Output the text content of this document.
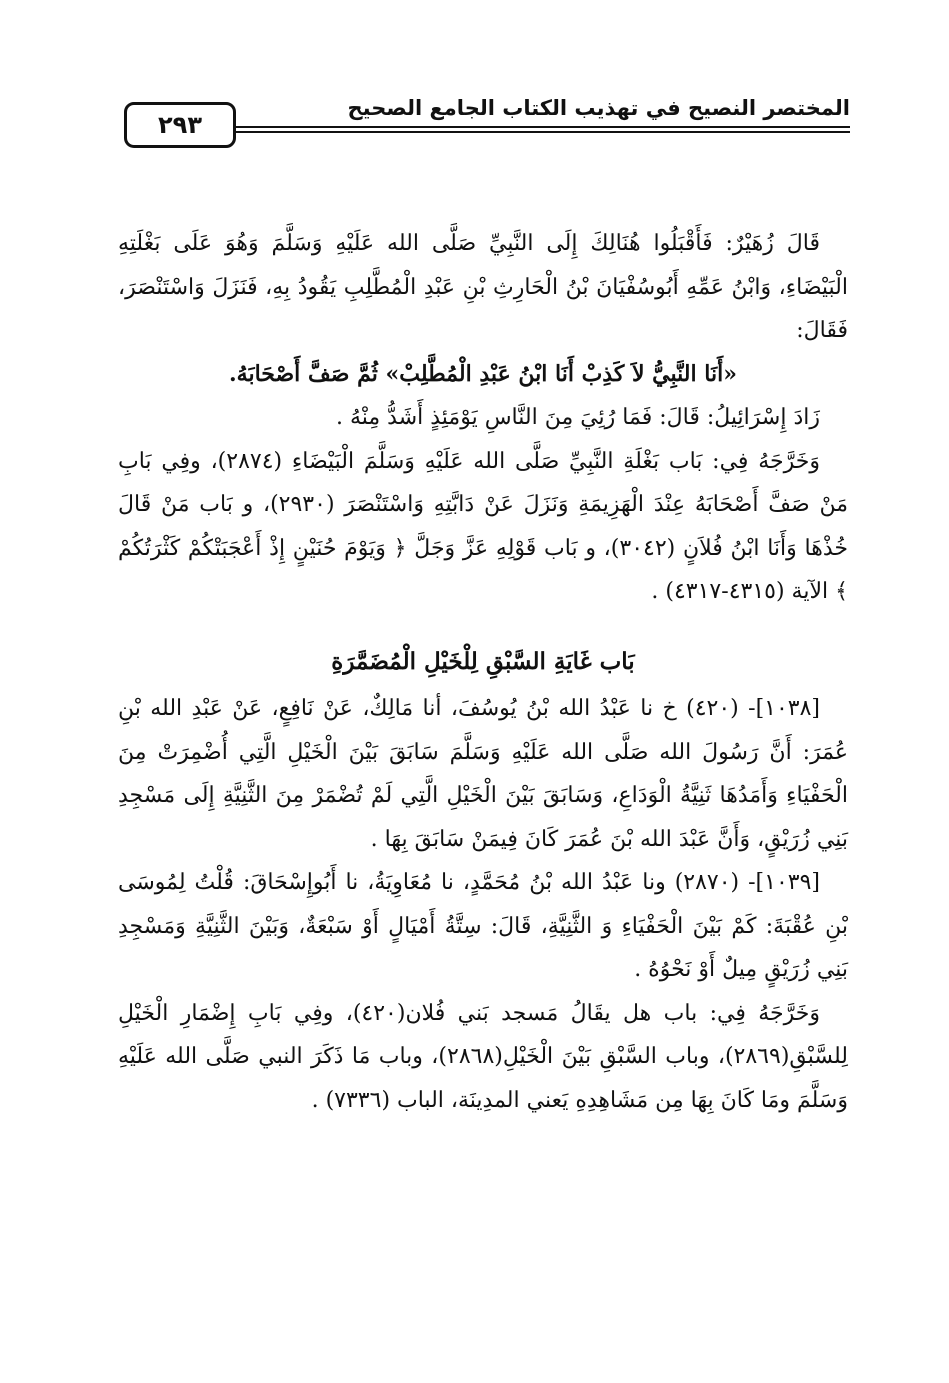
المختصر النصيح في تهذيب الكتاب الجامع الصحيح
٢٩٣

قَالَ زُهَيْرٌ: فَأَقْبَلُوا هُنَالِكَ إِلَى النَّبِيِّ صَلَّى الله عَلَيْهِ وَسَلَّمَ وَهُوَ عَلَى بَغْلَتِهِ الْبَيْضَاءِ، وَابْنُ عَمِّهِ أَبُوسُفْيَانَ بْنُ الْحَارِثِ بْنِ عَبْدِ الْمُطَّلِبِ يَقُودُ بِهِ، فَنَزَلَ وَاسْتَنْصَرَ، فَقَالَ:

«أَنَا النَّبِيُّ لاَ كَذِبْ أَنَا ابْنُ عَبْدِ الْمُطَّلِبْ» ثُمَّ صَفَّ أَصْحَابَهُ.

زَادَ إِسْرَائِيلُ: قَالَ: فَمَا رُئِيَ مِنَ النَّاسِ يَوْمَئِذٍ أَشَدُّ مِنْهُ .

وَخَرَّجَهُ فِي: بَاب بَغْلَةِ النَّبِيِّ صَلَّى الله عَلَيْهِ وَسَلَّمَ الْبَيْضَاءِ (٢٨٧٤)، وفِي بَابِ مَنْ صَفَّ أَصْحَابَهُ عِنْدَ الْهَزِيمَةِ وَنَزَلَ عَنْ دَابَّتِهِ وَاسْتَنْصَرَ (٢٩٣٠)، و بَاب مَنْ قَالَ خُذْهَا وَأَنَا ابْنُ فُلاَنٍ (٣٠٤٢)، و بَاب قَوْلِهِ عَزَّ وَجَلَّ ﴿ وَيَوْمَ حُنَيْنٍ إِذْ أَعْجَبَتْكُمْ كَثْرَتُكُمْ ﴾ الآية (٤٣١٥-٤٣١٧) .

بَاب غَايَةِ السَّبْقِ لِلْخَيْلِ الْمُضَمَّرَةِ

[١٠٣٨]- (٤٢٠) خ نا عَبْدُ الله بْنُ يُوسُفَ، أنا مَالِكٌ، عَنْ نَافِعٍ، عَنْ عَبْدِ الله بْنِ عُمَرَ: أَنَّ رَسُولَ الله صَلَّى الله عَلَيْهِ وَسَلَّمَ سَابَقَ بَيْنَ الْخَيْلِ الَّتِي أُضْمِرَتْ مِنَ الْحَفْيَاءِ وَأَمَدُهَا ثَنِيَّةُ الْوَدَاعِ، وَسَابَقَ بَيْنَ الْخَيْلِ الَّتِي لَمْ تُضْمَرْ مِنَ الثَّنِيَّةِ إِلَى مَسْجِدِ بَنِي زُرَيْقٍ، وَأَنَّ عَبْدَ الله بْنَ عُمَرَ كَانَ فِيمَنْ سَابَقَ بِهَا .

[١٠٣٩]- (٢٨٧٠) ونا عَبْدُ الله بْنُ مُحَمَّدٍ، نا مُعَاوِيَةُ، نا أَبُوإِسْحَاقَ: قُلْتُ لِمُوسَى بْنِ عُقْبَةَ: كَمْ بَيْنَ الْحَفْيَاءِ وَ الثَّنِيَّةِ، قَالَ: سِتَّةُ أَمْيَالٍ أَوْ سَبْعَةٌ، وَبَيْنَ الثَّنِيَّةِ وَمَسْجِدِ بَنِي زُرَيْقٍ مِيلٌ أَوْ نَحْوُهُ .

وَخَرَّجَهُ فِي: باب هل يقَالُ مَسجد بَني فُلان(٤٢٠)، وفِي بَابِ إِضْمَارِ الْخَيْلِ لِلسَّبْقِ(٢٨٦٩)، وباب السَّبْقِ بَيْنَ الْخَيْلِ(٢٨٦٨)، وباب مَا ذَكَرَ النبي صَلَّى الله عَلَيْهِ وَسَلَّمَ ومَا كَانَ بِهَا مِن مَشَاهِدِهِ يَعني المدِينَة، الباب (٧٣٣٦) .
